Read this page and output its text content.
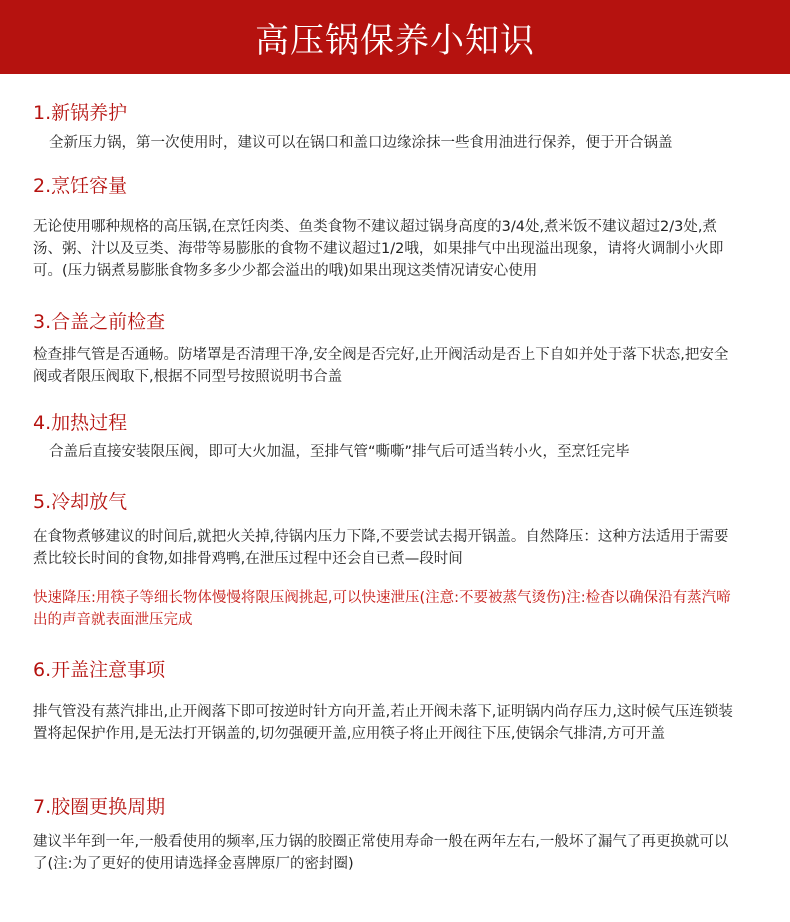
高压锅保养小知识
1.新锅养护

全新压力锅，第一次使用时，建议可以在锅口和盖口边缘涂抹一些食用油进行保养，便于开合锅盖

2.烹饪容量

无论使用哪种规格的高压锅,在烹饪肉类、鱼类食物不建议超过锅身高度的3/4处,煮米饭不建议超过2/3处,煮汤、粥、汁以及豆类、海带等易膨胀的食物不建议超过1/2哦，如果排气中出现溢出现象，请将火调制小火即可。(压力锅煮易膨胀食物多多少少都会溢出的哦)如果出现这类情况请安心使用

3.合盖之前检查

检查排气管是否通畅。防堵罩是否清理干净,安全阀是否完好,止开阀活动是否上下自如并处于落下状态,把安全阀或者限压阀取下,根据不同型号按照说明书合盖

4.加热过程

合盖后直接安装限压阀，即可大火加温，至排气管“嘶嘶”排气后可适当转小火，至烹饪完毕

5.冷却放气

在食物煮够建议的时间后,就把火关掉,待锅内压力下降,不要尝试去揭开锅盖。自然降压：这种方法适用于需要煮比较长时间的食物,如排骨鸡鸭,在泄压过程中还会自已煮—段时间

快速降压:用筷子等细长物体慢慢将限压阀挑起,可以快速泄压(注意:不要被蒸气烫伤)注:检杳以确保沿有蒸汽啼出的声音就表面泄压完成

6.开盖注意事项

排气管没有蒸汽排出,止开阀落下即可按逆时针方向开盖,若止开阀未落下,证明锅内尚存压力,这时候气压连锁装置将起保护作用,是无法打开锅盖的,切勿强硬开盖,应用筷子将止开阀往下压,使锅余气排清,方可开盖

7.胶圈更换周期

建议半年到一年,一般看使用的频率,压力锅的胶圈正常使用寿命一般在两年左右,一般坏了漏气了再更换就可以了(注:为了更好的使用请选择金喜牌原厂的密封圈)
